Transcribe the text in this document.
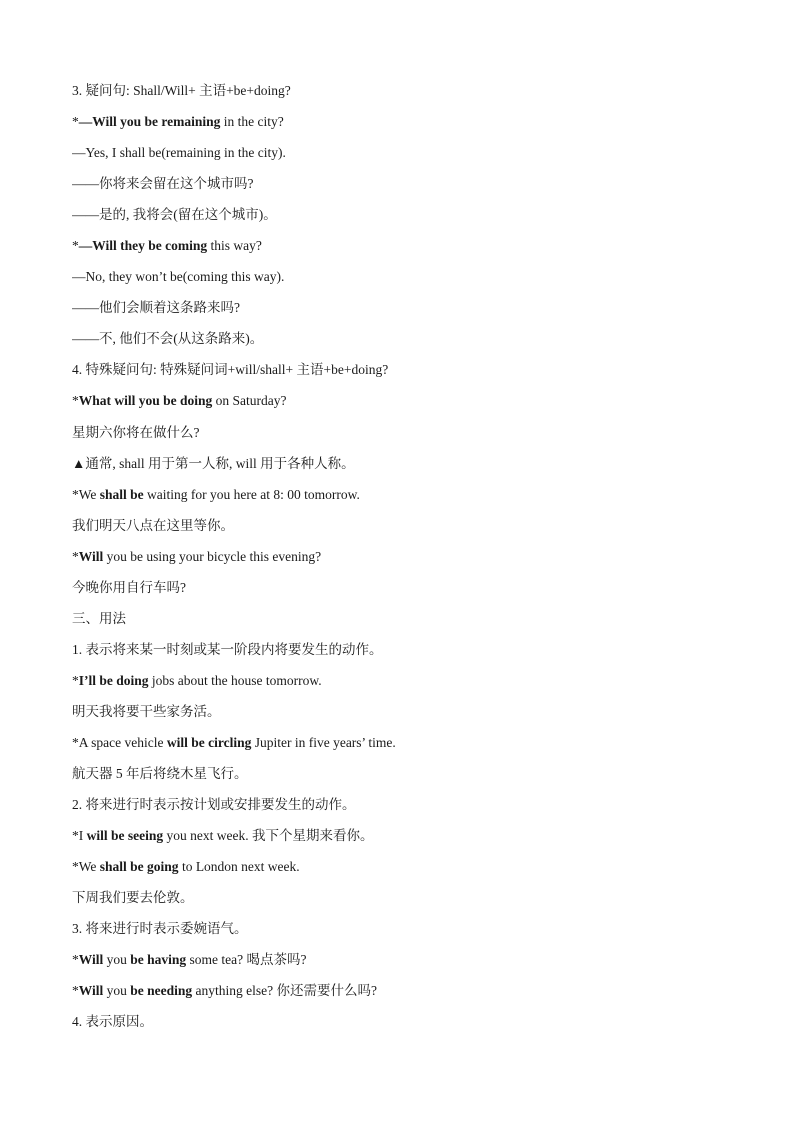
3. 疑问句: Shall/Will+ 主语+be+doing?
*—Will you be remaining in the city?
—Yes, I shall be(remaining in the city).
——你将来会留在这个城市吗?
——是的, 我将会(留在这个城市)。
*—Will they be coming this way?
—No, they won’t be(coming this way).
——他们会顺着这条路来吗?
——不, 他们不会(从这条路来)。
4. 特殊疑问句: 特殊疑问词+will/shall+ 主语+be+doing?
*What will you be doing on Saturday?
星期六你将在做什么?
▲通常, shall 用于第一人称, will 用于各种人称。
*We shall be waiting for you here at 8: 00 tomorrow.
我们明天八点在这里等你。
*Will you be using your bicycle this evening?
今晚你用自行车吗?
三、用法
1. 表示将来某一时刻或某一阶段内将要发生的动作。
*I’ll be doing jobs about the house tomorrow.
明天我将要干些家务活。
*A space vehicle will be circling Jupiter in five years’ time.
航天器 5 年后将绕木星飞行。
2. 将来进行时表示按计划或安排要发生的动作。
*I will be seeing you next week. 我下个星期来看你。
*We shall be going to London next week.
下周我们要去伦敦。
3. 将来进行时表示委婉语气。
*Will you be having some tea? 喝点茶吗?
*Will you be needing anything else? 你还需要什么吗?
4. 表示原因。
